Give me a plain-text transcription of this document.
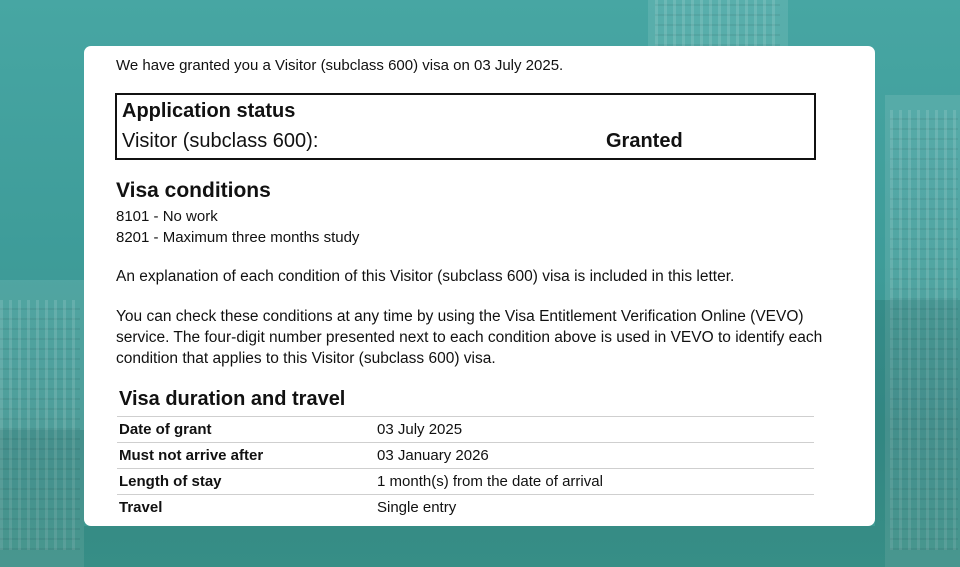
We have granted you a Visitor (subclass 600) visa on 03 July 2025.
Application status
Visitor (subclass 600):	Granted
Visa conditions
8101 - No work
8201 - Maximum three months study
An explanation of each condition of this Visitor (subclass 600) visa is included in this letter.
You can check these conditions at any time by using the Visa Entitlement Verification Online (VEVO) service. The four-digit number presented next to each condition above is used in VEVO to identify each condition that applies to this Visitor (subclass 600) visa.
Visa duration and travel
Date of grant	03 July 2025
Must not arrive after	03 January 2026
Length of stay	1 month(s) from the date of arrival
Travel	Single entry
